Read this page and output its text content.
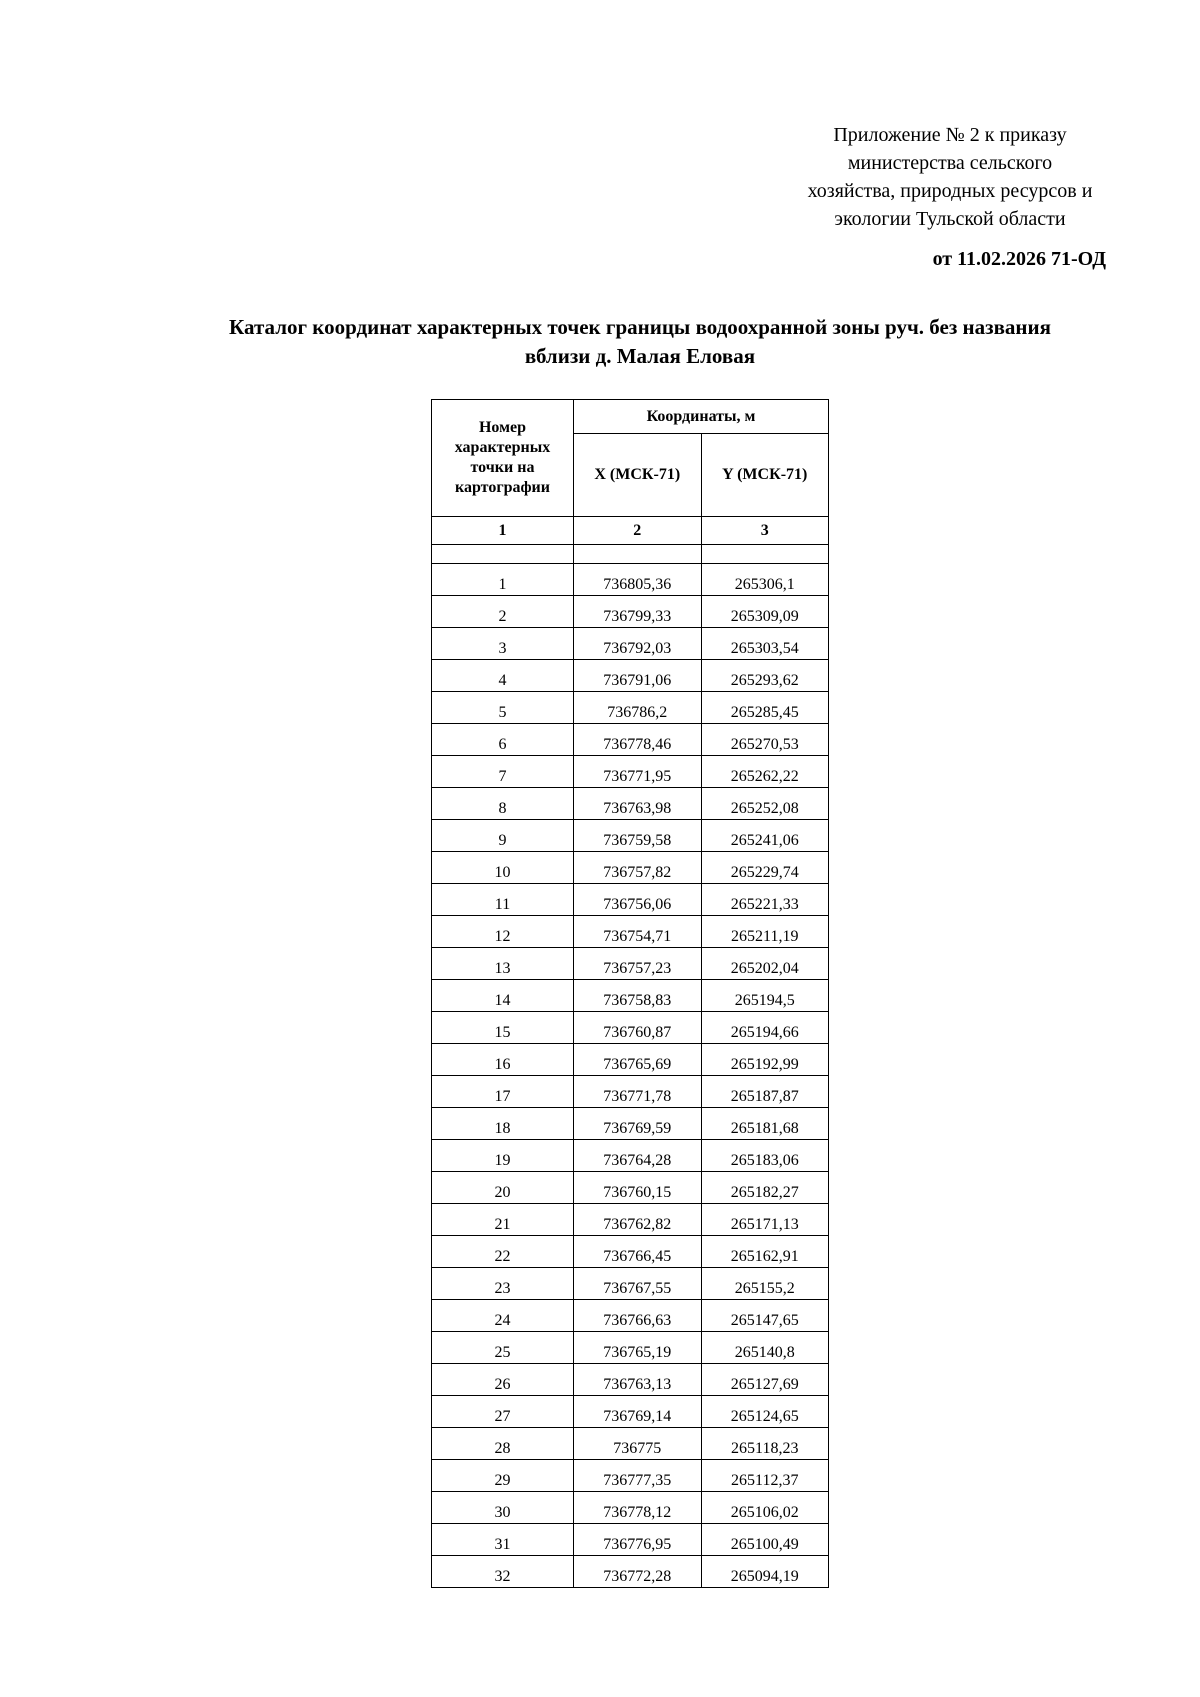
Приложение № 2 к приказу
министерства сельского
хозяйства, природных ресурсов и
экологии Тульской области
от 11.02.2026 71-ОД
Каталог координат характерных точек границы водоохранной зоны руч. без названия
вблизи д. Малая Еловая
Номер характерных точки на картографии	Координаты, м	
	X (МСК-71)	Y (МСК-71)
1	2	3

1	736805,36	265306,1
2	736799,33	265309,09
3	736792,03	265303,54
4	736791,06	265293,62
5	736786,2	265285,45
6	736778,46	265270,53
7	736771,95	265262,22
8	736763,98	265252,08
9	736759,58	265241,06
10	736757,82	265229,74
11	736756,06	265221,33
12	736754,71	265211,19
13	736757,23	265202,04
14	736758,83	265194,5
15	736760,87	265194,66
16	736765,69	265192,99
17	736771,78	265187,87
18	736769,59	265181,68
19	736764,28	265183,06
20	736760,15	265182,27
21	736762,82	265171,13
22	736766,45	265162,91
23	736767,55	265155,2
24	736766,63	265147,65
25	736765,19	265140,8
26	736763,13	265127,69
27	736769,14	265124,65
28	736775	265118,23
29	736777,35	265112,37
30	736778,12	265106,02
31	736776,95	265100,49
32	736772,28	265094,19
